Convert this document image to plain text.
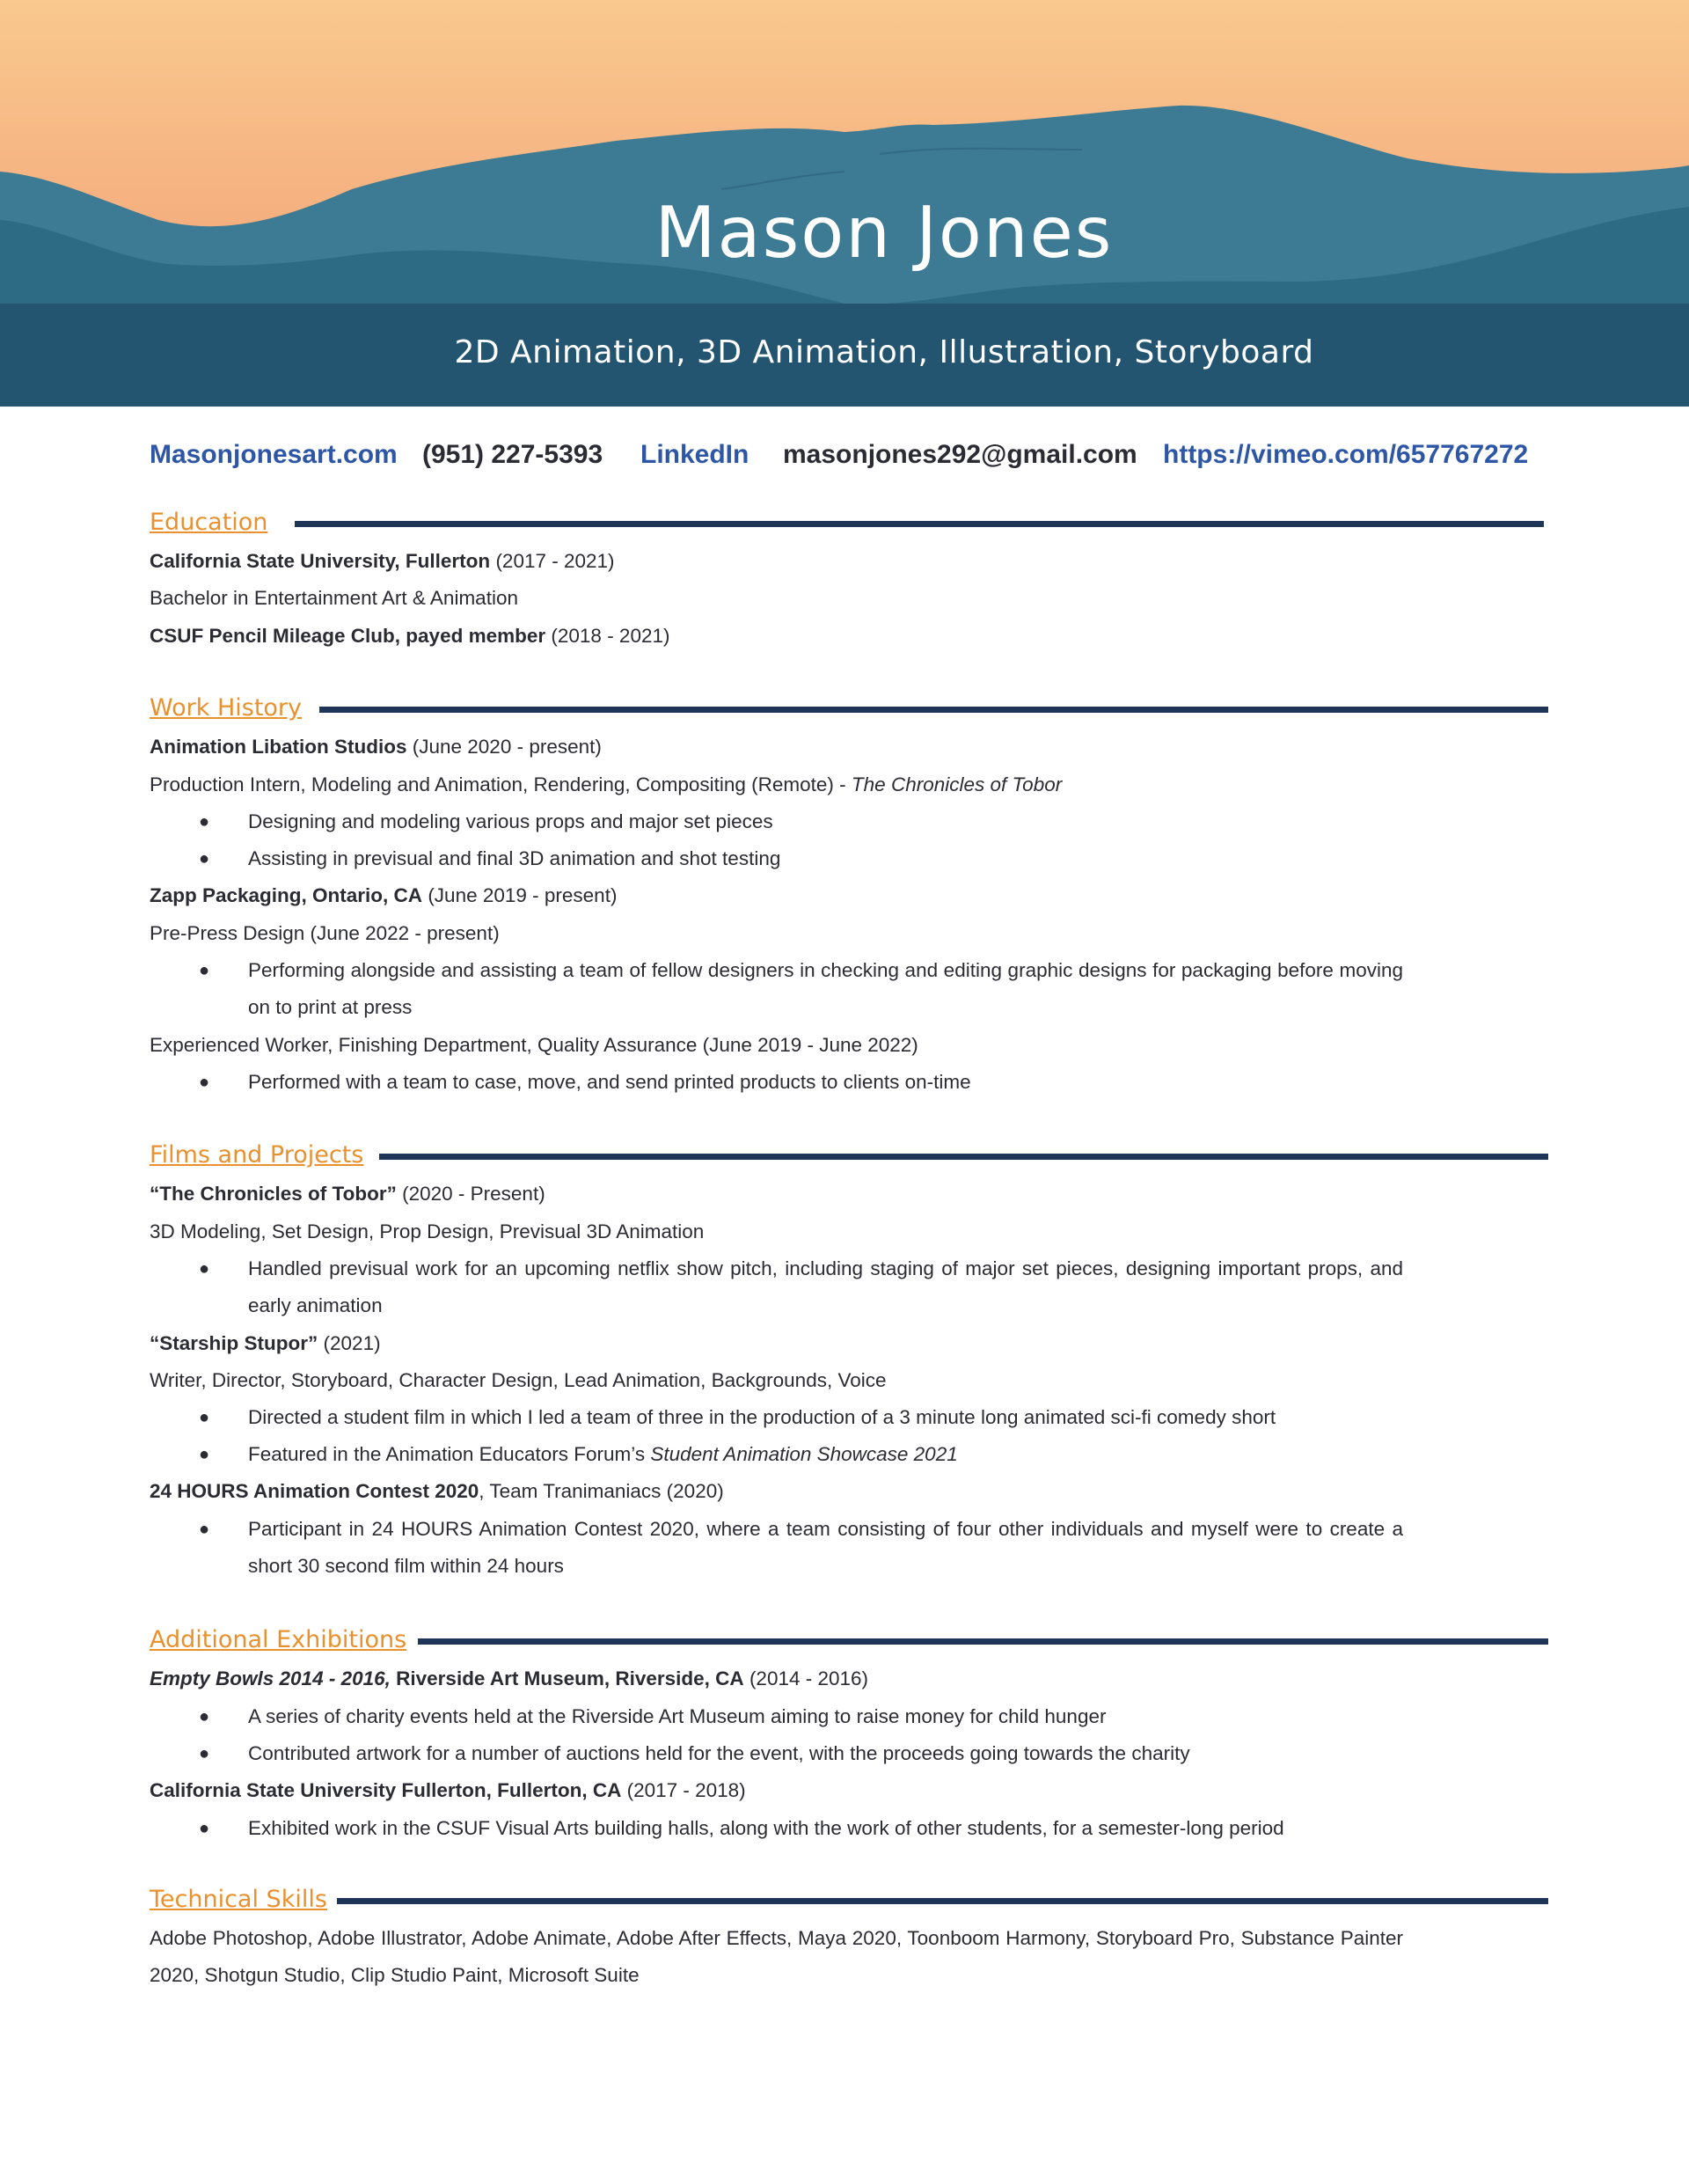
Mason Jones
2D Animation, 3D Animation, Illustration, Storyboard
Masonjonesart.com (951) 227-5393 LinkedIn masonjones292@gmail.com https://vimeo.com/657767272
Education
California State University, Fullerton (2017 - 2021)
Bachelor in Entertainment Art & Animation
CSUF Pencil Mileage Club, payed member (2018 - 2021)
Work History
Animation Libation Studios (June 2020 - present)
Production Intern, Modeling and Animation, Rendering, Compositing (Remote) - The Chronicles of Tobor
● Designing and modeling various props and major set pieces
● Assisting in previsual and final 3D animation and shot testing
Zapp Packaging, Ontario, CA (June 2019 - present)
Pre-Press Design (June 2022 - present)
● Performing alongside and assisting a team of fellow designers in checking and editing graphic designs for packaging before moving on to print at press
Experienced Worker, Finishing Department, Quality Assurance (June 2019 - June 2022)
● Performed with a team to case, move, and send printed products to clients on-time
Films and Projects
“The Chronicles of Tobor” (2020 - Present)
3D Modeling, Set Design, Prop Design, Previsual 3D Animation
● Handled previsual work for an upcoming netflix show pitch, including staging of major set pieces, designing important props, and early animation
“Starship Stupor” (2021)
Writer, Director, Storyboard, Character Design, Lead Animation, Backgrounds, Voice
● Directed a student film in which I led a team of three in the production of a 3 minute long animated sci-fi comedy short
● Featured in the Animation Educators Forum’s Student Animation Showcase 2021
24 HOURS Animation Contest 2020, Team Tranimaniacs (2020)
● Participant in 24 HOURS Animation Contest 2020, where a team consisting of four other individuals and myself were to create a short 30 second film within 24 hours
Additional Exhibitions
Empty Bowls 2014 - 2016, Riverside Art Museum, Riverside, CA (2014 - 2016)
● A series of charity events held at the Riverside Art Museum aiming to raise money for child hunger
● Contributed artwork for a number of auctions held for the event, with the proceeds going towards the charity
California State University Fullerton, Fullerton, CA (2017 - 2018)
● Exhibited work in the CSUF Visual Arts building halls, along with the work of other students, for a semester-long period
Technical Skills
Adobe Photoshop, Adobe Illustrator, Adobe Animate, Adobe After Effects, Maya 2020, Toonboom Harmony, Storyboard Pro, Substance Painter 2020, Shotgun Studio, Clip Studio Paint, Microsoft Suite
